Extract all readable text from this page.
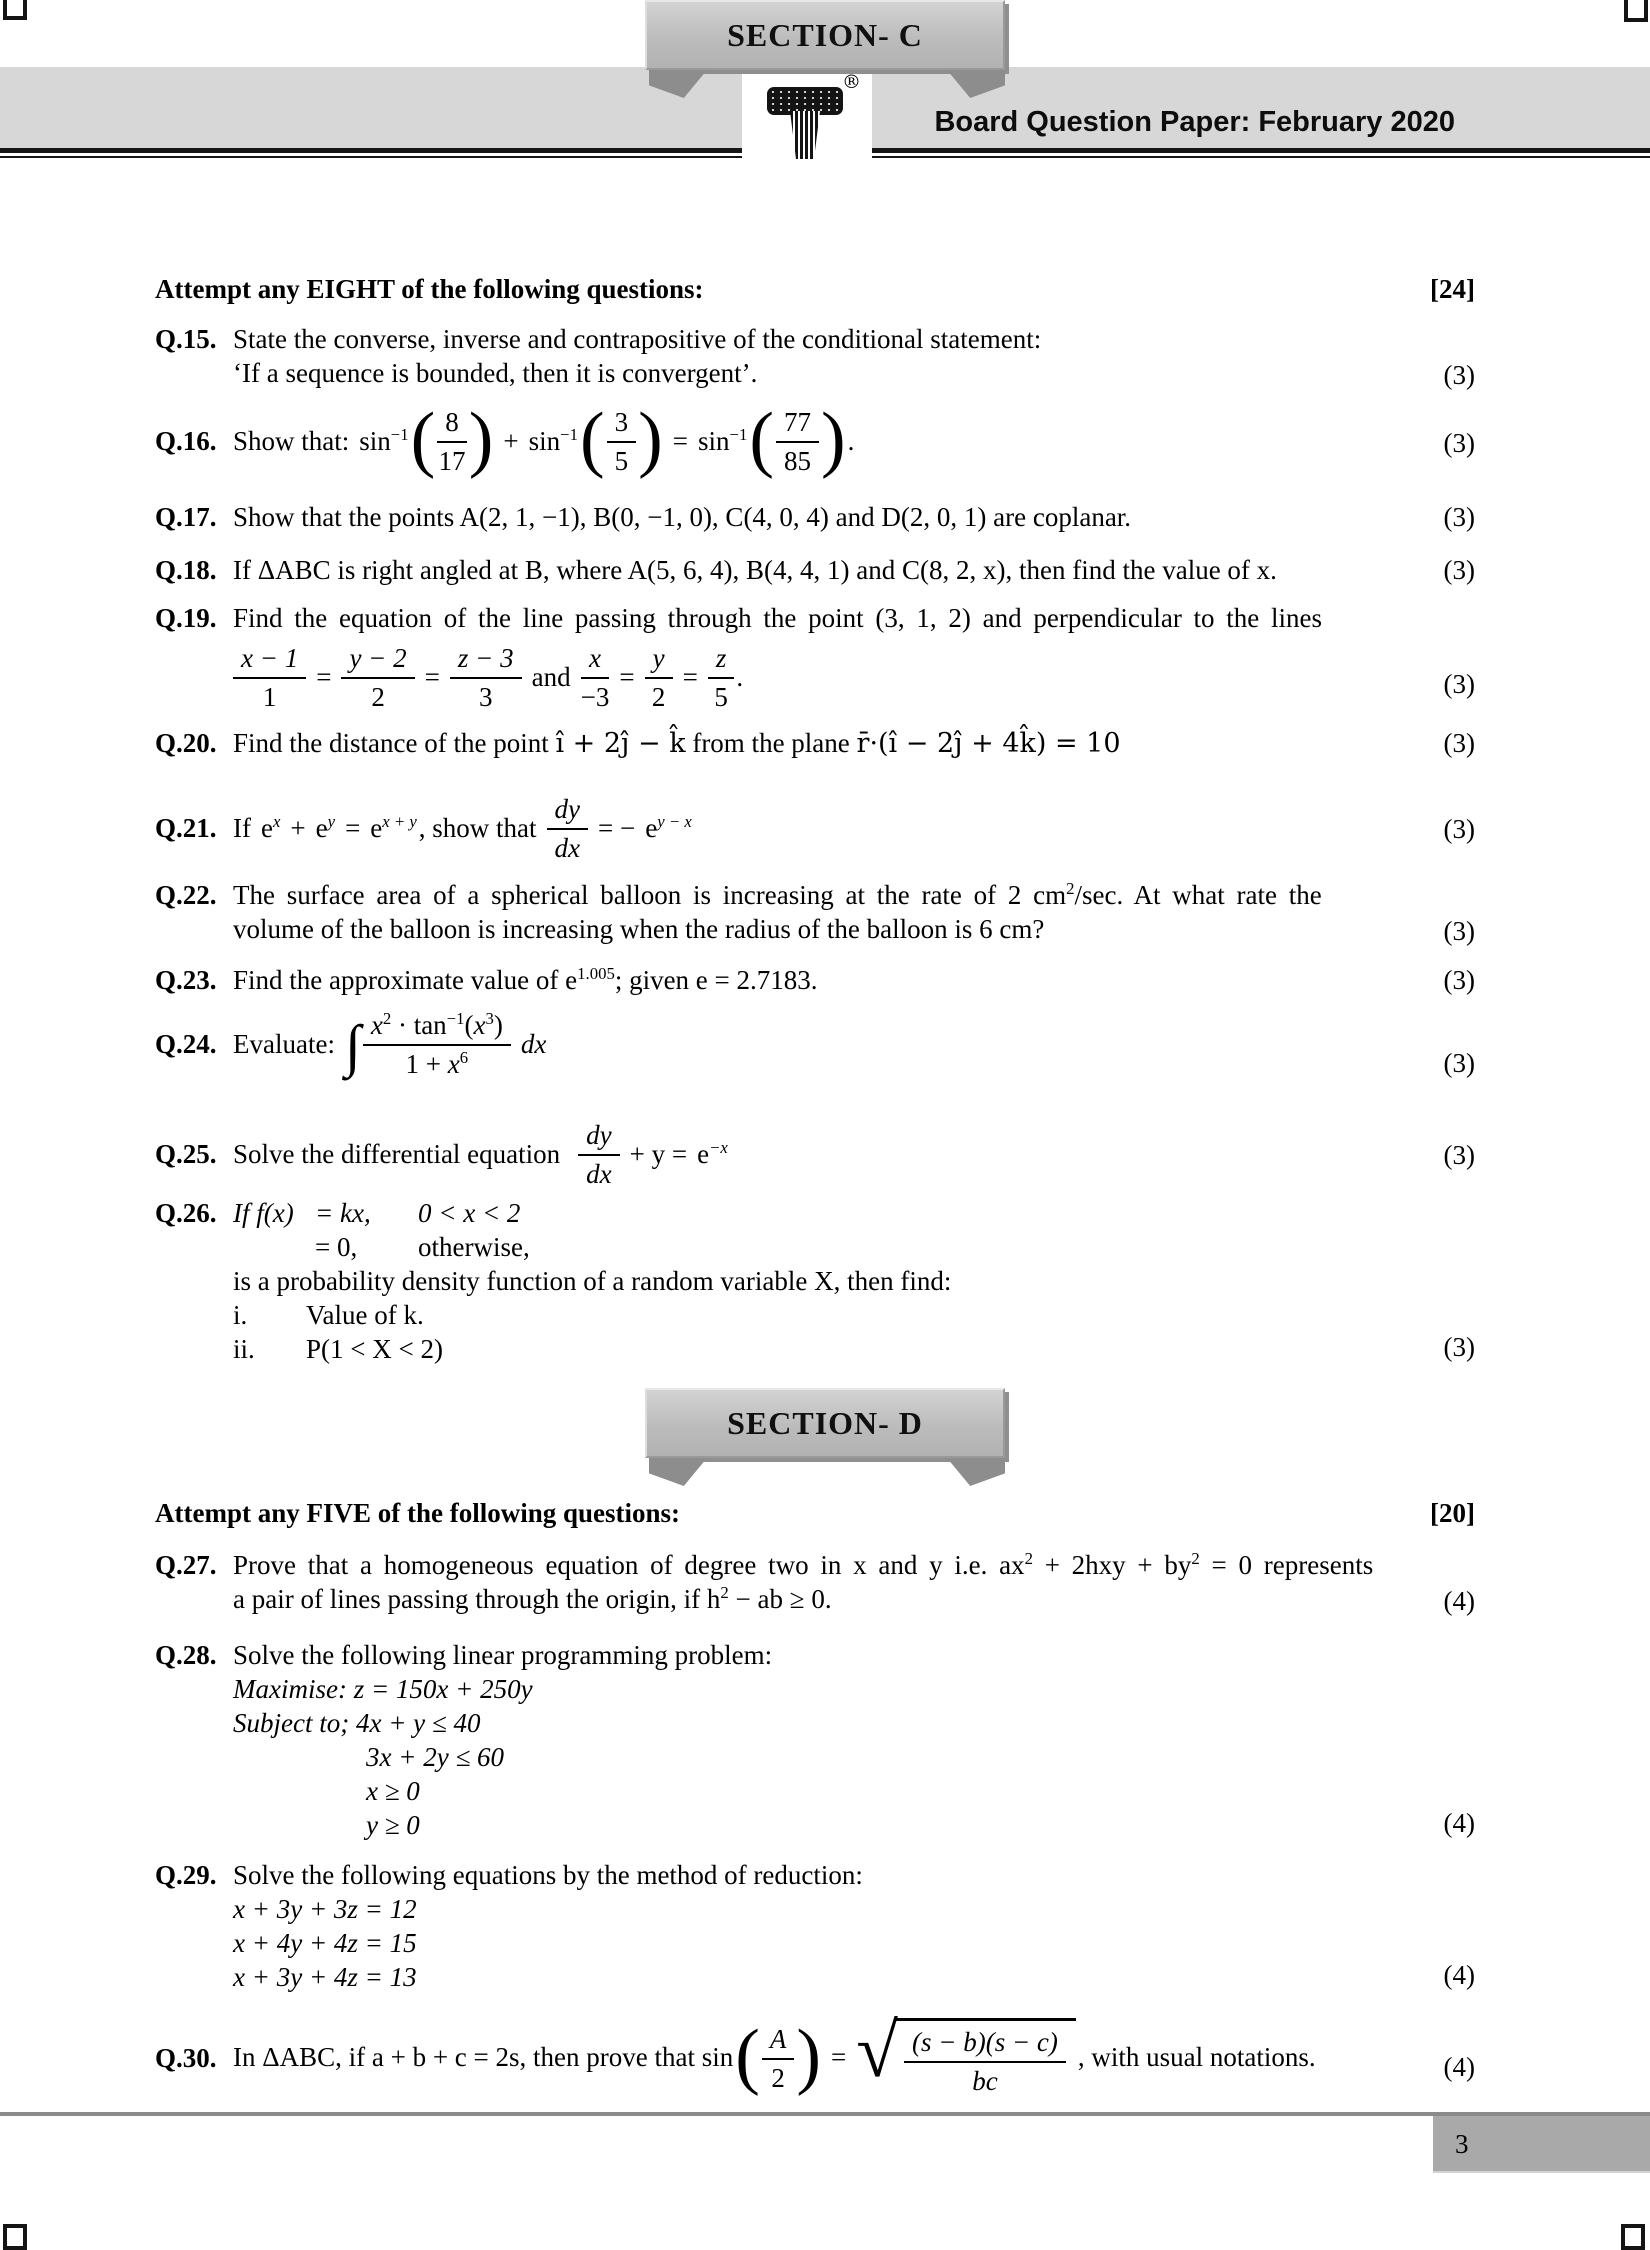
Board Question Paper: February 2020
®
SECTION- C
Attempt any EIGHT of the following questions:	[24]
Q.15. State the converse, inverse and contrapositive of the conditional statement:
‘If a sequence is bounded, then it is convergent’.	(3)
Q.16. Show that: $\sin^{-1}$ ( $\frac{8}{17}$ ) + $\sin^{-1}$ ( $\frac{3}{5}$ ) = $\sin^{-1}$ ( $\frac{77}{85}$ ) .	(3)
Q.17. Show that the points A(2, 1, −1), B(0, −1, 0), C(4, 0, 4) and D(2, 0, 1) are coplanar.	(3)
Q.18. If ΔABC is right angled at B, where A(5, 6, 4), B(4, 4, 1) and C(8, 2, x), then find the value of x.	(3)
Q.19. Find the equation of the line passing through the point (3, 1, 2) and perpendicular to the lines
$\frac{x - 1}{1} = \frac{y - 2}{2} = \frac{z - 3}{3}$ and $\frac{x}{-3} = \frac{y}{2} = \frac{z}{5}$ .	(3)
Q.20. Find the distance of the point î + 2ĵ − k̂ from the plane r̄·(î − 2ĵ + 4k̂) = 10	(3)
Q.21. If $e^x + e^y = e^{x + y}$ , show that $\frac{dy}{dx}$ = − $e^{y - x}$	(3)
Q.22. The surface area of a spherical balloon is increasing at the rate of 2 $cm^2/\sec$. At what rate the
volume of the balloon is increasing when the radius of the balloon is 6 cm?	(3)
Q.23. Find the approximate value of $e^{1.005}$; given e = 2.7183.	(3)
Q.24. Evaluate: ∫ $\frac{x^2 \cdot \tan^{-1}(x^3)}{1 + x^6}$ dx
(3)
Q.25. Solve the differential equation $\frac{dy}{dx} + y = e^{-x}$	(3)
Q.26. If f(x) = kx, 0 < x < 2
= 0, otherwise,
is a probability density function of a random variable X, then find:
i. Value of k.
ii. P(1 < X < 2)	(3)
SECTION- D
Attempt any FIVE of the following questions:	[20]
Q.27. Prove that a homogeneous equation of degree two in x and y i.e. $ax^2 + 2hxy + by^2 = 0$ represents
a pair of lines passing through the origin, if $h^2$ − ab ≥ 0.	(4)
Q.28. Solve the following linear programming problem:
Maximise: z = 150x + 250y
Subject to; 4x + y ≤ 40
3x + 2y ≤ 60
x ≥ 0
y ≥ 0	(4)
Q.29. Solve the following equations by the method of reduction:
x + 3y + 3z = 12
x + 4y + 4z = 15
x + 3y + 4z = 13	(4)
Q.30. In ΔABC, if a + b + c = 2s, then prove that sin ( $\frac{A}{2}$ ) = √ $\frac{(s - b)(s - c)}{bc}$ , with usual notations.	(4)
3
